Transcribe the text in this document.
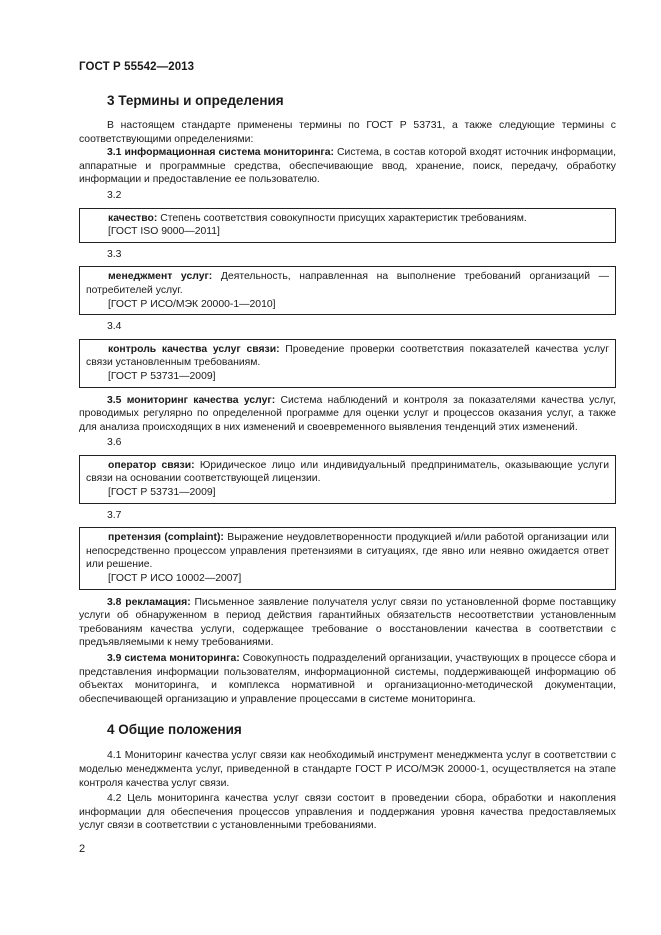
ГОСТ Р 55542—2013
3 Термины и определения

В настоящем стандарте применены термины по ГОСТ Р 53731, а также следующие термины с соответствующими определениями:

3.1 информационная система мониторинга: Система, в состав которой входят источник информации, аппаратные и программные средства, обеспечивающие ввод, хранение, поиск, передачу, обработку информации и предоставление ее пользователю.

3.2

качество: Степень соответствия совокупности присущих характеристик требованиям.

[ГОСТ ISO 9000—2011]
3.3

менеджмент услуг: Деятельность, направленная на выполнение требований организаций — потребителей услуг.

[ГОСТ Р ИСО/МЭК 20000-1—2010]
3.4

контроль качества услуг связи: Проведение проверки соответствия показателей качества услуг связи установленным требованиям.

[ГОСТ Р 53731—2009]

3.5 мониторинг качества услуг: Система наблюдений и контроля за показателями качества услуг, проводимых регулярно по определенной программе для оценки услуг и процессов оказания услуг, а также для анализа происходящих в них изменений и своевременного выявления тенденций этих изменений.

3.6

оператор связи: Юридическое лицо или индивидуальный предприниматель, оказывающие услуги связи на основании соответствующей лицензии.

[ГОСТ Р 53731—2009]
3.7

претензия (complaint): Выражение неудовлетворенности продукцией и/или работой организации или непосредственно процессом управления претензиями в ситуациях, где явно или неявно ожидается ответ или решение.

[ГОСТ Р ИСО 10002—2007]

3.8 рекламация: Письменное заявление получателя услуг связи по установленной форме поставщику услуги об обнаруженном в период действия гарантийных обязательств несоответствии установленным требованиям качества услуги, содержащее требование о восстановлении качества в соответствии с предъявляемыми к нему требованиями.

3.9 система мониторинга: Совокупность подразделений организации, участвующих в процессе сбора и представления информации пользователям, информационной системы, поддерживающей информацию об объектах мониторинга, и комплекса нормативной и организационно-методической документации, обеспечивающей организацию и управление процессами в системе мониторинга.

4 Общие положения

4.1 Мониторинг качества услуг связи как необходимый инструмент менеджмента услуг в соответствии с моделью менеджмента услуг, приведенной в стандарте ГОСТ Р ИСО/МЭК 20000-1, осуществляется на этапе контроля качества услуг связи.

4.2 Цель мониторинга качества услуг связи состоит в проведении сбора, обработки и накопления информации для обеспечения процессов управления и поддержания уровня качества предоставляемых услуг связи в соответствии с установленными требованиями.

2
